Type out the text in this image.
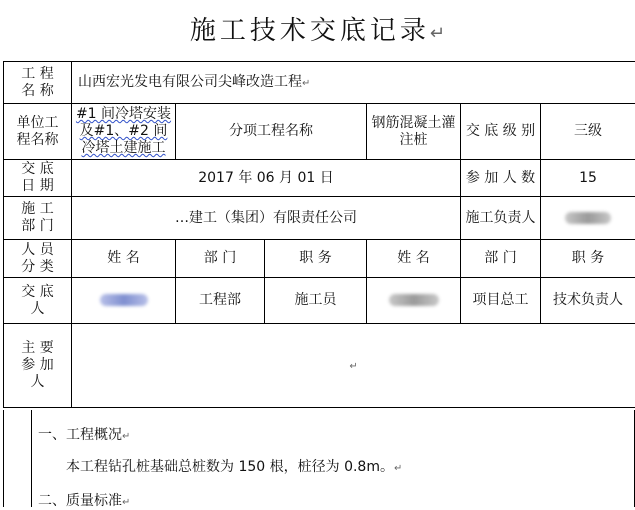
施工技术交底记录↵
工 程
名 称	山西宏光发电有限公司尖峰改造工程↵					
单位工
程名称	#1 间冷塔安装及#1、#2 间冷塔土建施工	分项工程名称		钢筋混凝土灌注桩	交 底 级 别	三级
交 底
日 期	2017 年 06 月 01 日				参 加 人 数	15
施 工
部 门	…建工（集团）有限责任公司				施工负责人	
人 员
分 类	姓 名	部 门	职 务	姓 名	部 门	职 务
交 底
人		工程部	施工员		项目总工	技术负责人
主 要
参 加
人	↵					
一、工程概况↵
本工程钻孔桩基础总桩数为 150 根，桩径为 0.8m。↵
二、质量标准↵
